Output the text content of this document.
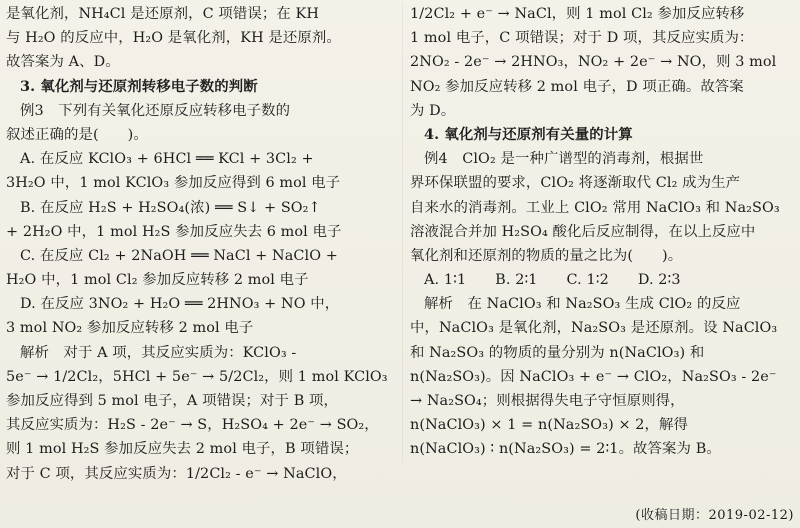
是氧化剂，NH₄Cl 是还原剂，C 项错误；在 KH
与 H₂O 的反应中，H₂O 是氧化剂，KH 是还原剂。
故答案为 A、D。
3. 氧化剂与还原剂转移电子数的判断
例3　下列有关氧化还原反应转移电子数的
叙述正确的是(　　)。
A. 在反应 KClO₃ + 6HCl ══ KCl + 3Cl₂ +
3H₂O 中，1 mol KClO₃ 参加反应得到 6 mol 电子
B. 在反应 H₂S + H₂SO₄(浓) ══ S↓ + SO₂↑
+ 2H₂O 中，1 mol H₂S 参加反应失去 6 mol 电子
C. 在反应 Cl₂ + 2NaOH ══ NaCl + NaClO +
H₂O 中，1 mol Cl₂ 参加反应转移 2 mol 电子
D. 在反应 3NO₂ + H₂O ══ 2HNO₃ + NO 中，
3 mol NO₂ 参加反应转移 2 mol 电子
解析　对于 A 项，其反应实质为：KClO₃ -
5e⁻ → 1/2Cl₂，5HCl + 5e⁻ → 5/2Cl₂，则 1 mol KClO₃
参加反应得到 5 mol 电子，A 项错误；对于 B 项，
其反应实质为：H₂S - 2e⁻ → S，H₂SO₄ + 2e⁻ → SO₂，
则 1 mol H₂S 参加反应失去 2 mol 电子，B 项错误；
对于 C 项，其反应实质为：1/2Cl₂ - e⁻ → NaClO，
1/2Cl₂ + e⁻ → NaCl，则 1 mol Cl₂ 参加反应转移
1 mol 电子，C 项错误；对于 D 项，其反应实质为：
2NO₂ - 2e⁻ → 2HNO₃，NO₂ + 2e⁻ → NO，则 3 mol
NO₂ 参加反应转移 2 mol 电子，D 项正确。故答案
为 D。
4. 氧化剂与还原剂有关量的计算
例4　ClO₂ 是一种广谱型的消毒剂，根据世
界环保联盟的要求，ClO₂ 将逐渐取代 Cl₂ 成为生产
自来水的消毒剂。工业上 ClO₂ 常用 NaClO₃ 和 Na₂SO₃
溶液混合并加 H₂SO₄ 酸化后反应制得，在以上反应中
氧化剂和还原剂的物质的量之比为(　　)。
A. 1∶1　　B. 2∶1　　C. 1∶2　　D. 2∶3
解析　在 NaClO₃ 和 Na₂SO₃ 生成 ClO₂ 的反应
中，NaClO₃ 是氧化剂，Na₂SO₃ 是还原剂。设 NaClO₃
和 Na₂SO₃ 的物质的量分别为 n(NaClO₃) 和
n(Na₂SO₃)。因 NaClO₃ + e⁻ → ClO₂，Na₂SO₃ - 2e⁻
→ Na₂SO₄；则根据得失电子守恒原则得，
n(NaClO₃) × 1 = n(Na₂SO₃) × 2，解得
n(NaClO₃) ∶ n(Na₂SO₃) = 2∶1。故答案为 B。
(收稿日期：2019-02-12)
